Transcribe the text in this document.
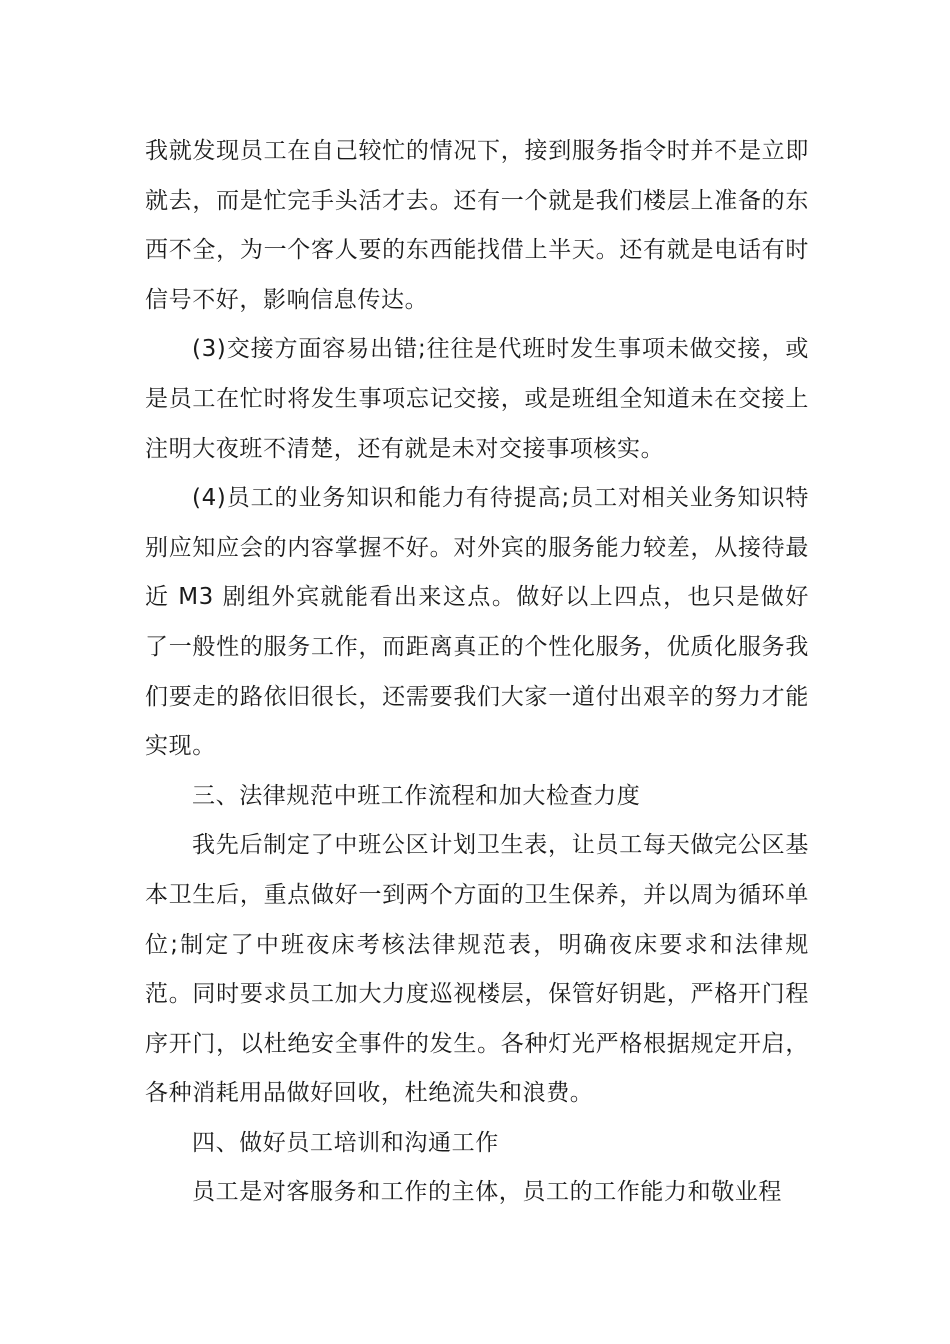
我就发现员工在自己较忙的情况下，接到服务指令时并不是立即就去，而是忙完手头活才去。还有一个就是我们楼层上准备的东西不全，为一个客人要的东西能找借上半天。还有就是电话有时信号不好，影响信息传达。

(3)交接方面容易出错;往往是代班时发生事项未做交接，或是员工在忙时将发生事项忘记交接，或是班组全知道未在交接上注明大夜班不清楚，还有就是未对交接事项核实。

(4)员工的业务知识和能力有待提高;员工对相关业务知识特别应知应会的内容掌握不好。对外宾的服务能力较差，从接待最近 M3 剧组外宾就能看出来这点。做好以上四点，也只是做好了一般性的服务工作，而距离真正的个性化服务，优质化服务我们要走的路依旧很长，还需要我们大家一道付出艰辛的努力才能实现。

三、法律规范中班工作流程和加大检查力度

我先后制定了中班公区计划卫生表，让员工每天做完公区基本卫生后，重点做好一到两个方面的卫生保养，并以周为循环单位;制定了中班夜床考核法律规范表，明确夜床要求和法律规范。同时要求员工加大力度巡视楼层，保管好钥匙，严格开门程序开门，以杜绝安全事件的发生。各种灯光严格根据规定开启，各种消耗用品做好回收，杜绝流失和浪费。

四、做好员工培训和沟通工作

员工是对客服务和工作的主体，员工的工作能力和敬业程
